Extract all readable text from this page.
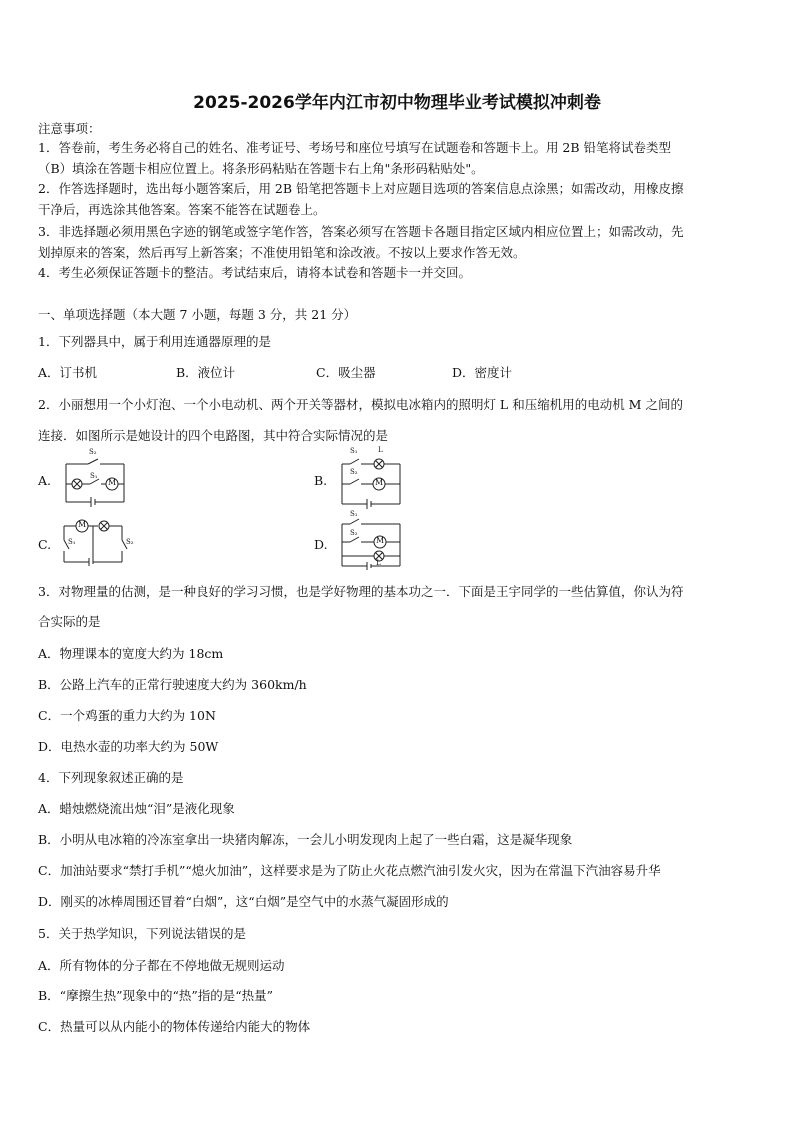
2025-2026学年内江市初中物理毕业考试模拟冲刺卷
注意事项：
1．答卷前，考生务必将自己的姓名、准考证号、考场号和座位号填写在试题卷和答题卡上。用 2B 铅笔将试卷类型
（B）填涂在答题卡相应位置上。将条形码粘贴在答题卡右上角"条形码粘贴处"。
2．作答选择题时，选出每小题答案后，用 2B 铅笔把答题卡上对应题目选项的答案信息点涂黑；如需改动，用橡皮擦
干净后，再选涂其他答案。答案不能答在试题卷上。
3．非选择题必须用黑色字迹的钢笔或签字笔作答，答案必须写在答题卡各题目指定区域内相应位置上；如需改动，先
划掉原来的答案，然后再写上新答案；不准使用铅笔和涂改液。不按以上要求作答无效。
4．考生必须保证答题卡的整洁。考试结束后，请将本试卷和答题卡一并交回。
一、单项选择题（本大题 7 小题，每题 3 分，共 21 分）
1．下列器具中，属于利用连通器原理的是
A．订书机	B．液位计	C．吸尘器	D．密度计
2．小丽想用一个小灯泡、一个小电动机、两个开关等器材，模拟电冰箱内的照明灯 L 和压缩机用的电动机 M 之间的
连接．如图所示是她设计的四个电路图，其中符合实际情况的是
A.	B.
C.	D.
S₂
S₁
M
S₁	L
S₂
M
M
S₁	S₂
S₁
S₂
M
L
3．对物理量的估测，是一种良好的学习习惯，也是学好物理的基本功之一．下面是王宇同学的一些估算值，你认为符
合实际的是
A．物理课本的宽度大约为 18cm
B．公路上汽车的正常行驶速度大约为 360km/h
C．一个鸡蛋的重力大约为 10N
D．电热水壶的功率大约为 50W
4．下列现象叙述正确的是
A．蜡烛燃烧流出烛“泪”是液化现象
B．小明从电冰箱的冷冻室拿出一块猪肉解冻，一会儿小明发现肉上起了一些白霜，这是凝华现象
C．加油站要求“禁打手机”“熄火加油”，这样要求是为了防止火花点燃汽油引发火灾，因为在常温下汽油容易升华
D．刚买的冰棒周围还冒着“白烟”，这“白烟”是空气中的水蒸气凝固形成的
5．关于热学知识，下列说法错误的是
A．所有物体的分子都在不停地做无规则运动
B．“摩擦生热”现象中的“热”指的是“热量”
C．热量可以从内能小的物体传递给内能大的物体
